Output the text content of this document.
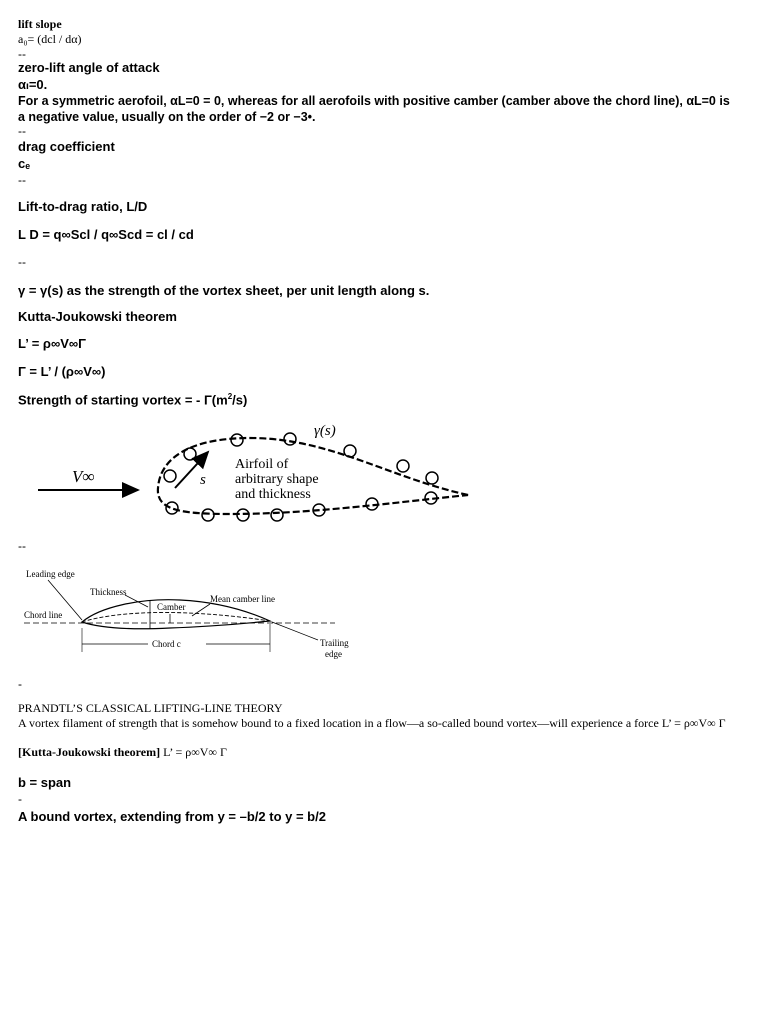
lift slope
a₀= (dcl / dα)
--
zero-lift angle of attack
αₗ=0.
For a symmetric aerofoil, αL=0 = 0, whereas for all aerofoils with positive camber (camber above the chord line), αL=0 is a negative value, usually on the order of −2 or −3•.
--
drag coefficient
cₑ
--
Lift-to-drag ratio, L/D
L D = q∞Scl / q∞Scd = cl / cd
--
γ = γ(s) as the strength of the vortex sheet, per unit length along s.
Kutta-Joukowski theorem
L’ = ρ∞V∞Γ
Γ = L’ / (ρ∞V∞)
Strength of starting vortex = - $\Gamma(m^2/s)$
V∞	s
γ(s)
Airfoil of
arbitrary shape
and thickness
--
Leading edge
Thickness
Camber
Mean camber line
Chord line
Chord c	Trailing
edge
-
PRANDTL’S CLASSICAL LIFTING-LINE THEORY
A vortex filament of strength that is somehow bound to a fixed location in a flow—a so-called bound vortex—will experience a force L’ = ρ∞V∞ Γ
[Kutta-Joukowski theorem] L’ = ρ∞V∞ Γ
b = span
-
A bound vortex, extending from y = –b/2 to y = b/2
